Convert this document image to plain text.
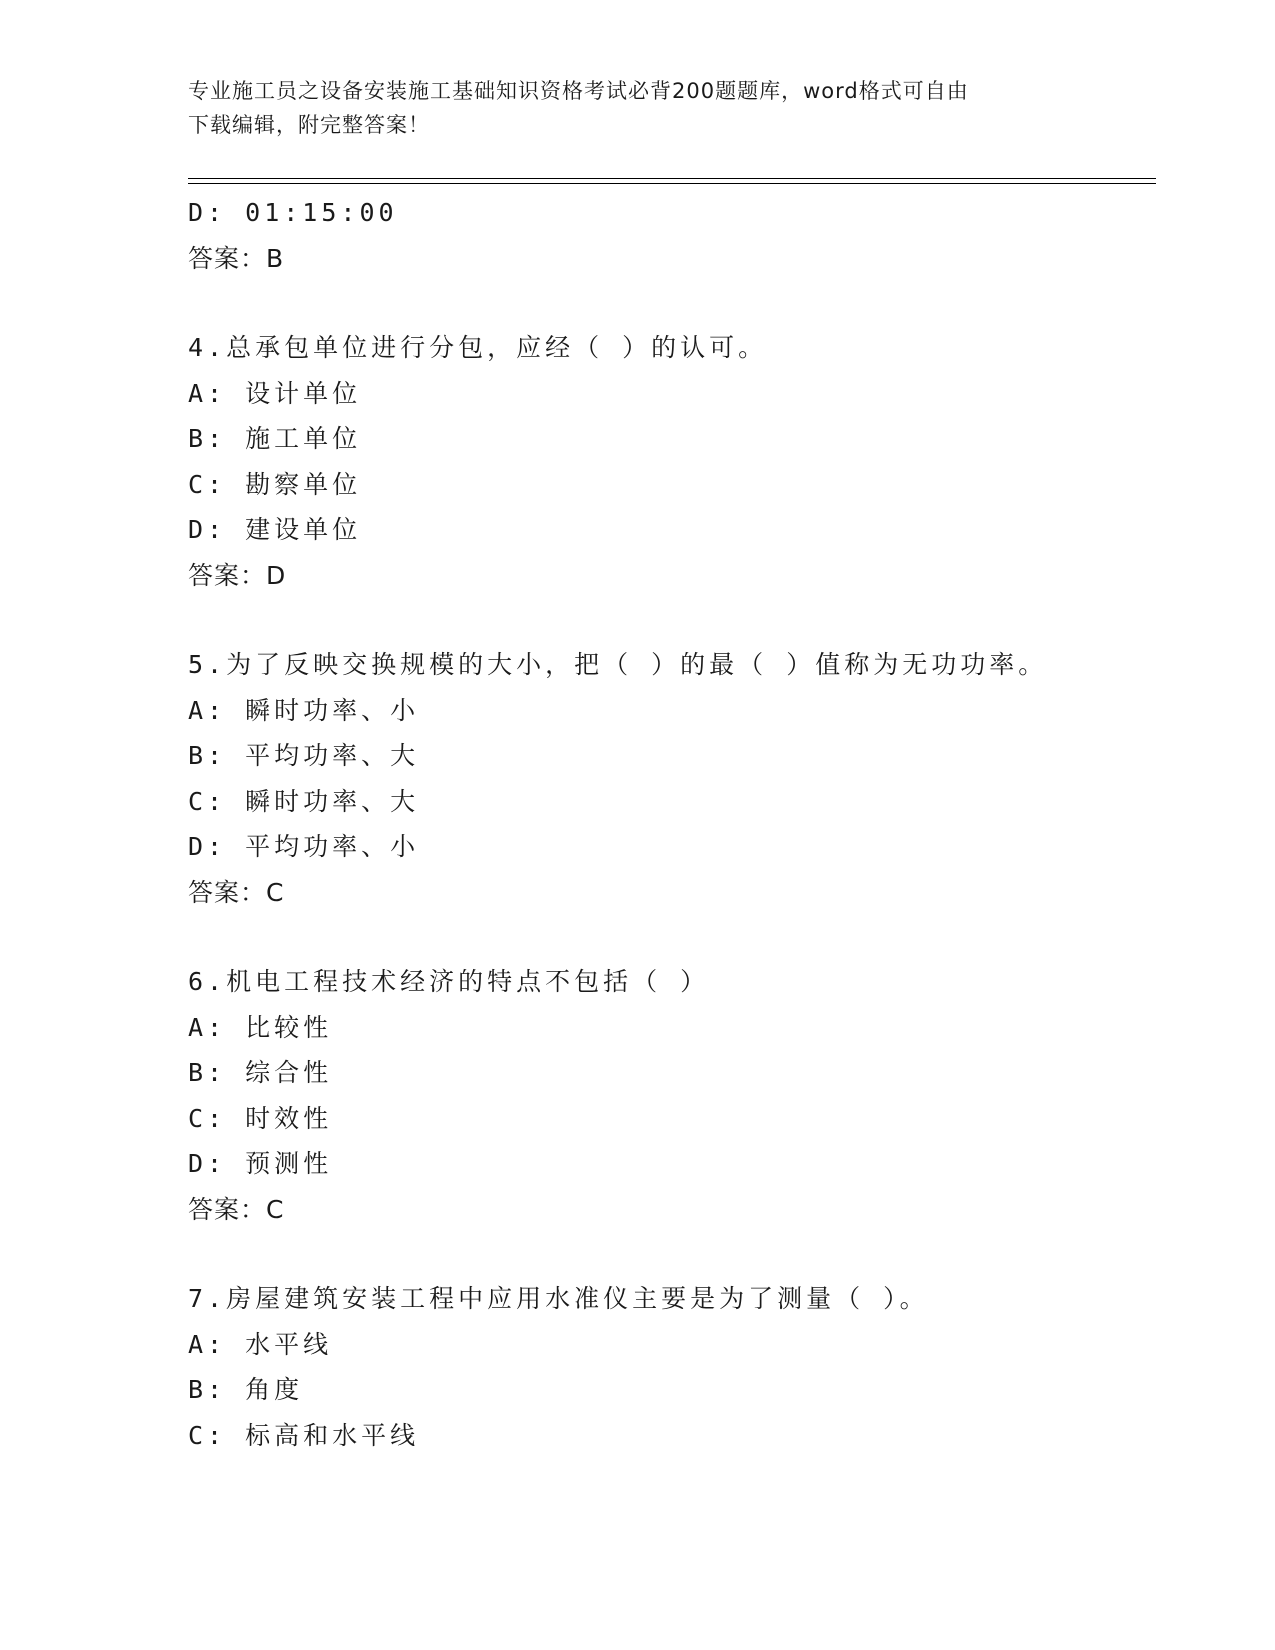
专业施工员之设备安装施工基础知识资格考试必背200题题库，word格式可自由
下载编辑，附完整答案！
D: 01:15:00
答案：B
4.总承包单位进行分包，应经（ ）的认可。
A: 设计单位
B: 施工单位
C: 勘察单位
D: 建设单位
答案：D
5.为了反映交换规模的大小，把（ ）的最（ ）值称为无功功率。
A: 瞬时功率、小
B: 平均功率、大
C: 瞬时功率、大
D: 平均功率、小
答案：C
6.机电工程技术经济的特点不包括（ ）
A: 比较性
B: 综合性
C: 时效性
D: 预测性
答案：C
7.房屋建筑安装工程中应用水准仪主要是为了测量（ ）。
A: 水平线
B: 角度
C: 标高和水平线
